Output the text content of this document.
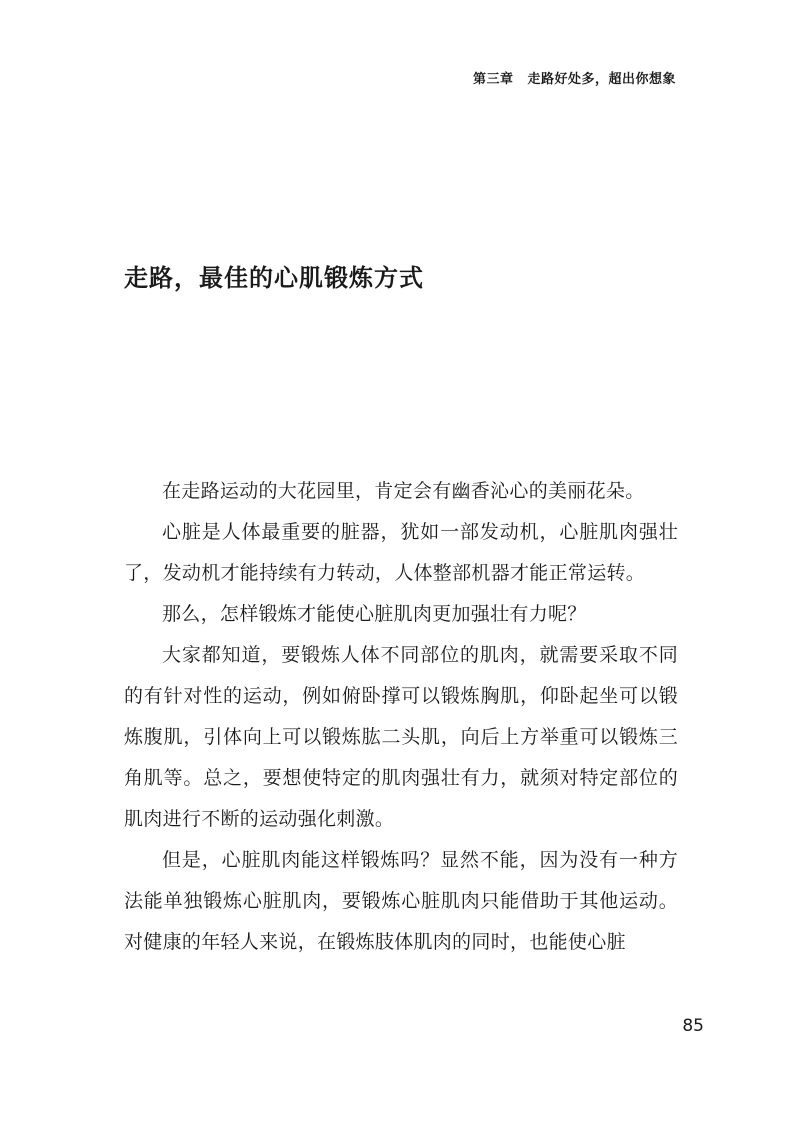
第三章 走路好处多，超出你想象
走路，最佳的心肌锻炼方式

在走路运动的大花园里，肯定会有幽香沁心的美丽花朵。

心脏是人体最重要的脏器，犹如一部发动机，心脏肌肉强壮了，发动机才能持续有力转动，人体整部机器才能正常运转。

那么，怎样锻炼才能使心脏肌肉更加强壮有力呢？

大家都知道，要锻炼人体不同部位的肌肉，就需要采取不同的有针对性的运动，例如俯卧撑可以锻炼胸肌，仰卧起坐可以锻炼腹肌，引体向上可以锻炼肱二头肌，向后上方举重可以锻炼三角肌等。总之，要想使特定的肌肉强壮有力，就须对特定部位的肌肉进行不断的运动强化刺激。

但是，心脏肌肉能这样锻炼吗？显然不能，因为没有一种方法能单独锻炼心脏肌肉，要锻炼心脏肌肉只能借助于其他运动。对健康的年轻人来说，在锻炼肢体肌肉的同时，也能使心脏

85
